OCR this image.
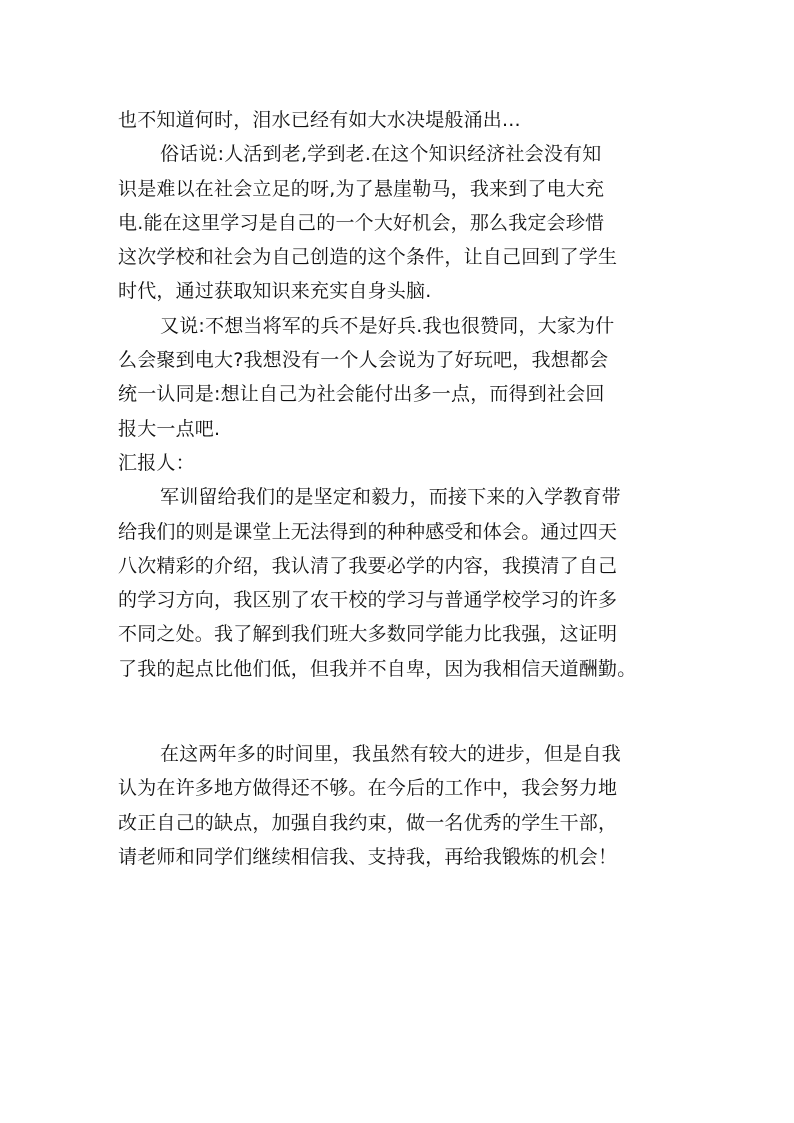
也不知道何时，泪水已经有如大水决堤般涌出...
俗话说:人活到老,学到老.在这个知识经济社会没有知
识是难以在社会立足的呀,为了悬崖勒马，我来到了电大充
电.能在这里学习是自己的一个大好机会，那么我定会珍惜
这次学校和社会为自己创造的这个条件，让自己回到了学生
时代，通过获取知识来充实自身头脑.
又说:不想当将军的兵不是好兵.我也很赞同，大家为什
么会聚到电大?我想没有一个人会说为了好玩吧，我想都会
统一认同是:想让自己为社会能付出多一点，而得到社会回
报大一点吧.
汇报人：
军训留给我们的是坚定和毅力，而接下来的入学教育带
给我们的则是课堂上无法得到的种种感受和体会。通过四天
八次精彩的介绍，我认清了我要必学的内容，我摸清了自己
的学习方向，我区别了农干校的学习与普通学校学习的许多
不同之处。我了解到我们班大多数同学能力比我强，这证明
了我的起点比他们低，但我并不自卑，因为我相信天道酬勤。
在这两年多的时间里，我虽然有较大的进步，但是自我
认为在许多地方做得还不够。在今后的工作中，我会努力地
改正自己的缺点，加强自我约束，做一名优秀的学生干部，
请老师和同学们继续相信我、支持我，再给我锻炼的机会！
